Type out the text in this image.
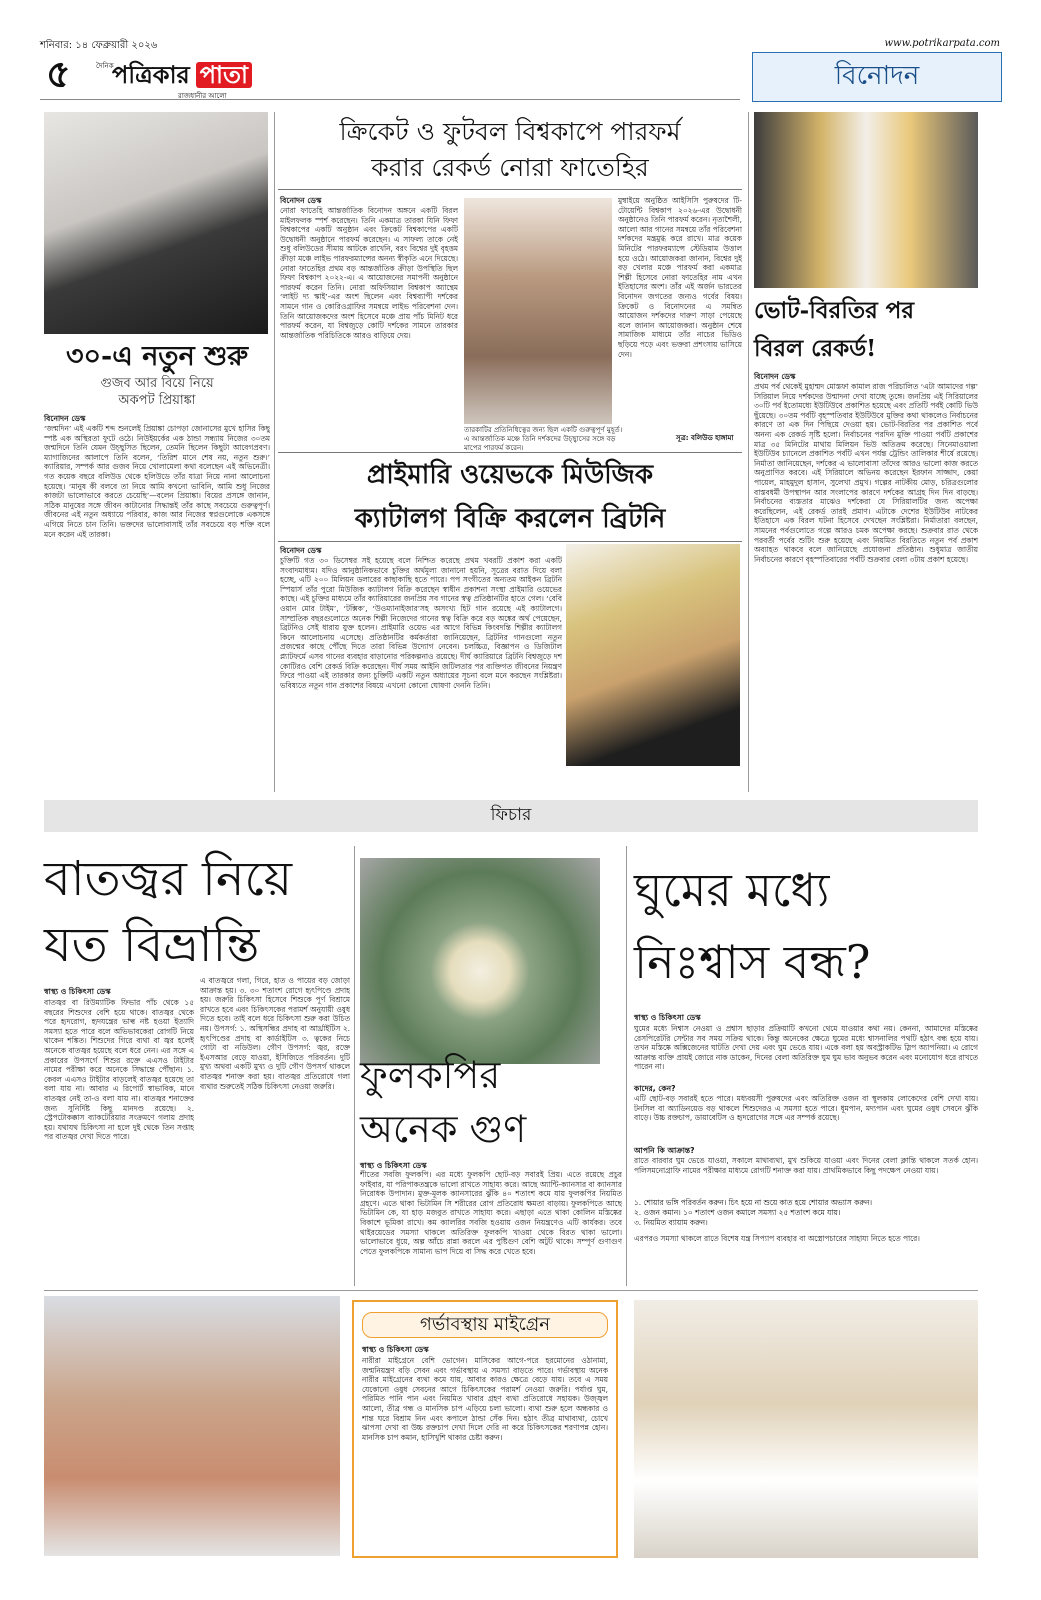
শনিবার: ১৪ ফেব্রুয়ারী ২০২৬	www.potrikarpata.com
৫	দৈনিক
পত্রিকার পাতা
রাজধানীর আলো
বিনোদন
৩০-এ নতুন শুরু
গুজব আর বিয়ে নিয়ে
অকপট প্রিয়াঙ্কা
বিনোদন ডেস্ক
‘জন্মদিন’ এই একটি শব্দ শুনলেই প্রিয়াঙ্কা চোপড়া জোনাসের মুখে হাসির কিছু স্পষ্ট এক অস্থিরতা ফুটে ওঠে। নিউইয়র্কের এক ঠান্ডা সন্ধ্যায় নিজের ৩০তম জন্মদিনে তিনি যেমন উচ্ছ্বসিত ছিলেন, তেমনি ছিলেন কিছুটা আবেগপ্রবণ। ম্যাগাজিনের আলাপে তিনি বলেন, ‘তিরিশ মানে শেষ নয়, নতুন শুরু।’ ক্যারিয়ার, সম্পর্ক আর গুজব নিয়ে খোলামেলা কথা বলেছেন এই অভিনেত্রী। গত কয়েক বছরে বলিউড থেকে হলিউডে তাঁর যাত্রা নিয়ে নানা আলোচনা হয়েছে। ‘মানুষ কী বলবে তা নিয়ে আমি কখনো ভাবিনি, আমি শুধু নিজের কাজটা ভালোভাবে করতে চেয়েছি’—বলেন প্রিয়াঙ্কা। বিয়ের প্রসঙ্গে জানান, সঠিক মানুষের সঙ্গে জীবন কাটানোর সিদ্ধান্তই তাঁর কাছে সবচেয়ে গুরুত্বপূর্ণ। জীবনের এই নতুন অধ্যায়ে পরিবার, কাজ আর নিজের স্বপ্নগুলোকে একসঙ্গে এগিয়ে নিতে চান তিনি। ভক্তদের ভালোবাসাই তাঁর সবচেয়ে বড় শক্তি বলে মনে করেন এই তারকা।
ক্রিকেট ও ফুটবল বিশ্বকাপে পারফর্ম
করার রেকর্ড নোরা ফাতেহির
বিনোদন ডেস্ক
নোরা ফাতেহি আন্তর্জাতিক বিনোদন অঙ্গনে একটি বিরল মাইলফলক স্পর্শ করেছেন। তিনি একমাত্র তারকা যিনি ফিফা বিশ্বকাপের একটি অনুষ্ঠান এবং ক্রিকেট বিশ্বকাপের একটি উদ্বোধনী অনুষ্ঠানে পারফর্ম করেছেন। এ সাফল্য তাকে নেই শুধু বলিউডের সীমায় আটকে রাখেনি, বরং বিশ্বের দুই বৃহত্তম ক্রীড়া মঞ্চে লাইভ পারফরম্যান্সের অনন্য স্বীকৃতি এনে দিয়েছে। নোরা ফাতেহির প্রথম বড় আন্তর্জাতিক ক্রীড়া উপস্থিতি ছিল ফিফা বিশ্বকাপ ২০২২-এ। এ আয়োজনের সমাপনী অনুষ্ঠানে পারফর্ম করেন তিনি। নোরা অফিসিয়াল বিশ্বকাপ অ্যান্থেম ‘লাইট দ্য স্কাই’-এর অংশ ছিলেন এবং বিশ্বব্যাপী দর্শকের সামনে গান ও কোরিওগ্রাফির সমন্বয়ে লাইভ পরিবেশনা দেন। তিনি আয়োজকদের অংশ হিসেবে মঞ্চে প্রায় পাঁচ মিনিট ধরে পারফর্ম করেন, যা বিশ্বজুড়ে কোটি দর্শকের সামনে তারকার আন্তর্জাতিক পরিচিতিকে আরও বাড়িয়ে দেয়।
মুম্বাইয়ে অনুষ্ঠিত আইসিসি পুরুষদের টি-টোয়েন্টি বিশ্বকাপ ২০২৬-এর উদ্বোধনী অনুষ্ঠানেও তিনি পারফর্ম করেন। নৃত্যশৈলী, আলো আর গানের সমন্বয়ে তাঁর পরিবেশনা দর্শকদের মন্ত্রমুগ্ধ করে রাখে। মাত্র কয়েক মিনিটের পারফরম্যান্সে স্টেডিয়াম উত্তাল হয়ে ওঠে। আয়োজকরা জানান, বিশ্বের দুই বড় খেলার মঞ্চে পারফর্ম করা একমাত্র শিল্পী হিসেবে নোরা ফাতেহির নাম এখন ইতিহাসের অংশ। তাঁর এই অর্জন ভারতের বিনোদন জগতের জন্যও গর্বের বিষয়। ক্রিকেট ও বিনোদনের এ সমন্বিত আয়োজন দর্শকদের দারুণ সাড়া পেয়েছে বলে জানান আয়োজকরা। অনুষ্ঠান শেষে সামাজিক মাধ্যমে তাঁর নাচের ভিডিও ছড়িয়ে পড়ে এবং ভক্তরা প্রশংসায় ভাসিয়ে দেন।
তারকাটির প্রতিনিধিত্বের জন্য ছিল একটি গুরুত্বপূর্ণ মুহূর্ত। এ আন্তর্জাতিক মঞ্চে তিনি দর্শকদের উচ্ছ্বাসের সঙ্গে বড় মাপের পারফর্ম করেন।
সূত্র: বলিউড হাঙ্গামা
প্রাইমারি ওয়েভকে মিউজিক
ক্যাটালগ বিক্রি করলেন ব্রিটনি
বিনোদন ডেস্ক
চুক্তিটি গত ৩০ ডিসেম্বর সই হয়েছে বলে নিশ্চিত করেছে প্রথম খবরটি প্রকাশ করা একটি সংবাদমাধ্যম। যদিও আনুষ্ঠানিকভাবে চুক্তির অর্থমূল্য জানানো হয়নি, সূত্রের বরাত দিয়ে বলা হচ্ছে, এটি ২০০ মিলিয়ন ডলারের কাছাকাছি হতে পারে। পপ সংগীতের অন্যতম আইকন ব্রিটনি স্পিয়ার্স তাঁর পুরো মিউজিক ক্যাটালগ বিক্রি করেছেন স্বাধীন প্রকাশনা সংস্থা প্রাইমারি ওয়েভের কাছে। এই চুক্তির মাধ্যমে তাঁর ক্যারিয়ারের জনপ্রিয় সব গানের স্বত্ব প্রতিষ্ঠানটির হাতে গেল। ‘বেবি ওয়ান মোর টাইম’, ‘টক্সিক’, ‘উওম্যানাইজার’সহ অসংখ্য হিট গান রয়েছে এই ক্যাটালগে। সাম্প্রতিক বছরগুলোতে অনেক শিল্পী নিজেদের গানের স্বত্ব বিক্রি করে বড় অঙ্কের অর্থ পেয়েছেন, ব্রিটনিও সেই ধারায় যুক্ত হলেন। প্রাইমারি ওয়েভ এর আগে বিভিন্ন কিংবদন্তি শিল্পীর ক্যাটালগ কিনে আলোচনায় এসেছে। প্রতিষ্ঠানটির কর্মকর্তারা জানিয়েছেন, ব্রিটনির গানগুলো নতুন প্রজন্মের কাছে পৌঁছে দিতে তারা বিভিন্ন উদ্যোগ নেবেন। চলচ্চিত্র, বিজ্ঞাপন ও ডিজিটাল প্ল্যাটফর্মে এসব গানের ব্যবহার বাড়ানোর পরিকল্পনাও রয়েছে। দীর্ঘ ক্যারিয়ারে ব্রিটনি বিশ্বজুড়ে দশ কোটিরও বেশি রেকর্ড বিক্রি করেছেন। দীর্ঘ সময় আইনি জটিলতার পর ব্যক্তিগত জীবনের নিয়ন্ত্রণ ফিরে পাওয়া এই তারকার জন্য চুক্তিটি একটি নতুন অধ্যায়ের সূচনা বলে মনে করছেন সংশ্লিষ্টরা। ভবিষ্যতে নতুন গান প্রকাশের বিষয়ে এখনো কোনো ঘোষণা দেননি তিনি।
ভোট-বিরতির পর
বিরল রেকর্ড!
বিনোদন ডেস্ক
প্রথম পর্ব থেকেই মুহাম্মদ মোস্তফা কামাল রাজ পরিচালিত ‘এটা আমাদের গল্প’ সিরিয়াল নিয়ে দর্শকদের উন্মাদনা দেখা যাচ্ছে তুঙ্গে। জনপ্রিয় এই সিরিয়ালের ৩০টি পর্ব ইতোমধ্যে ইউটিউবে প্রকাশিত হয়েছে এবং প্রতিটি পর্বই কোটি ভিউ ছুঁয়েছে। ৩০তম পর্বটি বৃহস্পতিবার ইউটিউবে মুক্তির কথা থাকলেও নির্বাচনের কারণে তা এক দিন পিছিয়ে দেওয়া হয়। ভোট-বিরতির পর প্রকাশিত পর্বে অনন্য এক রেকর্ড সৃষ্টি হলো। নির্বাচনের পরদিন মুক্তি পাওয়া পর্বটি প্রকাশের মাত্র ৩৫ মিনিটের মাথায় মিলিয়ন ভিউ অতিক্রম করেছে। সিনেমাওয়ালা ইউটিউব চ্যানেলে প্রকাশিত পর্বটি এখন পর্যন্ত ট্রেন্ডিং তালিকার শীর্ষে রয়েছে। নির্মাতা জানিয়েছেন, দর্শকের এ ভালোবাসা তাঁদের আরও ভালো কাজ করতে অনুপ্রাণিত করবে। এই সিরিয়ালে অভিনয় করেছেন ইরফান সাজ্জাদ, কেয়া পায়েল, মাহমুদুল হাসান, সুলেখা প্রমুখ। গল্পের নাটকীয় মোড়, চরিত্রগুলোর বাস্তবধর্মী উপস্থাপন আর সংলাপের কারণে দর্শকের আগ্রহ দিন দিন বাড়ছে। নির্বাচনের ব্যস্ততার মাঝেও দর্শকেরা যে সিরিয়ালটির জন্য অপেক্ষা করেছিলেন, এই রেকর্ড তারই প্রমাণ। এটাকে দেশের ইউটিউব নাটকের ইতিহাসে এক বিরল ঘটনা হিসেবে দেখছেন সংশ্লিষ্টরা। নির্মাতারা বলছেন, সামনের পর্বগুলোতে গল্পে আরও চমক অপেক্ষা করছে। শুক্রবার রাত থেকে পরবর্তী পর্বের শুটিং শুরু হয়েছে এবং নিয়মিত বিরতিতে নতুন পর্ব প্রকাশ অব্যাহত থাকবে বলে জানিয়েছে প্রযোজনা প্রতিষ্ঠান। শুধুমাত্র জাতীয় নির্বাচনের কারণে বৃহস্পতিবারের পর্বটি শুক্রবার বেলা ৩টায় প্রকাশ হয়েছে।
ফিচার
বাতজ্বর নিয়ে
যত বিভ্রান্তি
স্বাস্থ্য ও চিকিৎসা ডেস্ক
বাতজ্বর বা রিউম্যাটিক ফিভার পাঁচ থেকে ১৫ বছরের শিশুদের বেশি হয়ে থাকে। বাতজ্বর থেকে পরে হৃদরোগ, হৃদযন্ত্রের ভাল্ব নষ্ট হওয়া ইত্যাদি সমস্যা হতে পারে বলে অভিভাবকেরা রোগটি নিয়ে থাকেন শঙ্কিত। শিশুদের গিরে ব্যথা বা জ্বর হলেই অনেকে বাতজ্বর হয়েছে বলে ধরে নেন। এর সঙ্গে এ প্রকারের উপসর্গে শিশুর রক্তে এএসও টাইটার নামের পরীক্ষা করে অনেকে সিদ্ধান্তে পৌঁছান। ১. কেবল এএসও টাইটার বাড়লেই বাতজ্বর হয়েছে তা বলা যায় না। আবার এ রিপোর্ট স্বাভাবিক, মানে বাতজ্বর নেই তা-ও বলা যায় না। বাতজ্বর শনাক্তের জন্য সুনির্দিষ্ট কিছু মানদণ্ড রয়েছে। ২. স্ট্রেপটোকক্কাস ব্যাকটেরিয়ার সংক্রমণে গলায় প্রদাহ হয়। যথাযথ চিকিৎসা না হলে দুই থেকে তিন সপ্তাহ পর বাতজ্বর দেখা দিতে পারে।
এ বাতজ্বরে গলা, গিরে, হাত ও পায়ের বড় জোড়া আক্রান্ত হয়। ৩. ৩০ শতাংশ রোগে হৃৎপিণ্ডে প্রদাহ হয়। জরুরি চিকিৎসা হিসেবে শিশুকে পূর্ণ বিশ্রামে রাখতে হবে এবং চিকিৎসকের পরামর্শ অনুযায়ী ওষুধ দিতে হবে। তাই বলে ধরে চিকিৎসা শুরু করা উচিত নয়। উপসর্গ: ১. অস্থিসন্ধির প্রদাহ বা আর্থ্রাইটিস ২. হৃৎপিণ্ডের প্রদাহ বা কার্ডাইটিস ৩. ত্বকের নিচে গোটা বা নডিউল। গৌণ উপসর্গ: জ্বর, রক্তে ইএসআর বেড়ে যাওয়া, ইসিজিতে পরিবর্তন। দুটি মুখ্য অথবা একটি মুখ্য ও দুটি গৌণ উপসর্গ থাকলে বাতজ্বর শনাক্ত করা হয়। বাতজ্বর প্রতিরোধে গলা ব্যথার শুরুতেই সঠিক চিকিৎসা নেওয়া জরুরি। ফুলকপির
অনেক গুণ
স্বাস্থ্য ও চিকিৎসা ডেস্ক
শীতের সবজি ফুলকপি। এর মধ্যে ফুলকপি ছোট-বড় সবারই প্রিয়। এতে রয়েছে প্রচুর ফাইবার, যা পরিপাকতন্ত্রকে ভালো রাখতে সাহায্য করে। আছে অ্যান্টি-ক্যানসার বা ক্যানসার নিরোধক উপাদান। মুক্ত-মূলক ক্যানসারের ঝুঁকি ৪০ শতাংশ কমে যায় ফুলকপির নিয়মিত গ্রহণে। এতে থাকা ভিটামিন সি শরীরের রোগ প্রতিরোধ ক্ষমতা বাড়ায়। ফুলকপিতে আছে ভিটামিন কে, যা হাড় মজবুত রাখতে সাহায্য করে। এছাড়া এতে থাকা কোলিন মস্তিষ্কের বিকাশে ভূমিকা রাখে। কম ক্যালরির সবজি হওয়ায় ওজন নিয়ন্ত্রণেও এটি কার্যকর। তবে থাইরয়েডের সমস্যা থাকলে অতিরিক্ত ফুলকপি খাওয়া থেকে বিরত থাকা ভালো। ভালোভাবে ধুয়ে, অল্প আঁচে রান্না করলে এর পুষ্টিগুণ বেশি অটুট থাকে। সম্পূর্ণ গুণাগুণ পেতে ফুলকপিকে সামান্য ভাপ দিয়ে বা সিদ্ধ করে খেতে হবে।
ঘুমের মধ্যে
নিঃশ্বাস বন্ধ?
স্বাস্থ্য ও চিকিৎসা ডেস্ক
ঘুমের মধ্যে নিশ্বাস নেওয়া ও প্রশ্বাস ছাড়ার প্রক্রিয়াটি কখনো থেমে যাওয়ার কথা নয়। কেননা, আমাদের মস্তিষ্কের রেসপিরেটরি সেন্টার সব সময় সক্রিয় থাকে। কিন্তু অনেকের ক্ষেত্রে ঘুমের মধ্যে শ্বাসনালির পথটি হঠাৎ বন্ধ হয়ে যায়। তখন মস্তিষ্কে অক্সিজেনের ঘাটতি দেখা দেয় এবং ঘুম ভেঙে যায়। একে বলা হয় অবস্ট্রাকটিভ স্লিপ অ্যাপনিয়া। এ রোগে আক্রান্ত ব্যক্তি প্রায়ই জোরে নাক ডাকেন, দিনের বেলা অতিরিক্ত ঘুম ঘুম ভাব অনুভব করেন এবং মনোযোগ ধরে রাখতে পারেন না।
কাদের, কেন?
এটি ছোট-বড় সবারই হতে পারে। মধ্যবয়সী পুরুষদের এবং অতিরিক্ত ওজন বা স্থূলকায় লোকেদের বেশি দেখা যায়। টনসিল বা অ্যাডিনয়েড বড় থাকলে শিশুদেরও এ সমস্যা হতে পারে। ধূমপান, মদ্যপান এবং ঘুমের ওষুধ সেবনে ঝুঁকি বাড়ে। উচ্চ রক্তচাপ, ডায়াবেটিস ও হৃদরোগের সঙ্গে এর সম্পর্ক রয়েছে।
আপনি কি আক্রান্ত?
রাতে বারবার ঘুম ভেঙে যাওয়া, সকালে মাথাব্যথা, মুখ শুকিয়ে যাওয়া এবং দিনের বেলা ক্লান্তি থাকলে সতর্ক হোন। পলিসমনোগ্রাফি নামের পরীক্ষার মাধ্যমে রোগটি শনাক্ত করা যায়। প্রাথমিকভাবে কিছু পদক্ষেপ নেওয়া যায়।
১. শোয়ার ভঙ্গি পরিবর্তন করুন। চিৎ হয়ে না শুয়ে কাত হয়ে শোয়ার অভ্যাস করুন।
২. ওজন কমান। ১০ শতাংশ ওজন কমালে সমস্যা ২৫ শতাংশ কমে যায়।
৩. নিয়মিত ব্যায়াম করুন।
এরপরও সমস্যা থাকলে রাতে বিশেষ যন্ত্র সিপ্যাপ ব্যবহার বা অস্ত্রোপচারের সাহায্য নিতে হতে পারে।
গর্ভাবস্থায় মাইগ্রেন
স্বাস্থ্য ও চিকিৎসা ডেস্ক
নারীরা মাইগ্রেনে বেশি ভোগেন। মাসিকের আগে-পরে হরমোনের ওঠানামা, জন্মনিয়ন্ত্রণ বড়ি সেবন এবং গর্ভাবস্থায় এ সমস্যা বাড়তে পারে। গর্ভাবস্থায় অনেক নারীর মাইগ্রেনের ব্যথা কমে যায়, আবার কারও ক্ষেত্রে বেড়ে যায়। তবে এ সময় যেকোনো ওষুধ সেবনের আগে চিকিৎসকের পরামর্শ নেওয়া জরুরি। পর্যাপ্ত ঘুম, পরিমিত পানি পান এবং নিয়মিত খাবার গ্রহণ ব্যথা প্রতিরোধে সহায়ক। উজ্জ্বল আলো, তীব্র গন্ধ ও মানসিক চাপ এড়িয়ে চলা ভালো। ব্যথা শুরু হলে অন্ধকার ও শান্ত ঘরে বিশ্রাম নিন এবং কপালে ঠান্ডা সেঁক দিন। হঠাৎ তীব্র মাথাব্যথা, চোখে ঝাপসা দেখা বা উচ্চ রক্তচাপ দেখা দিলে দেরি না করে চিকিৎসকের শরণাপন্ন হোন। মানসিক চাপ কমান, হাসিখুশি থাকার চেষ্টা করুন।
